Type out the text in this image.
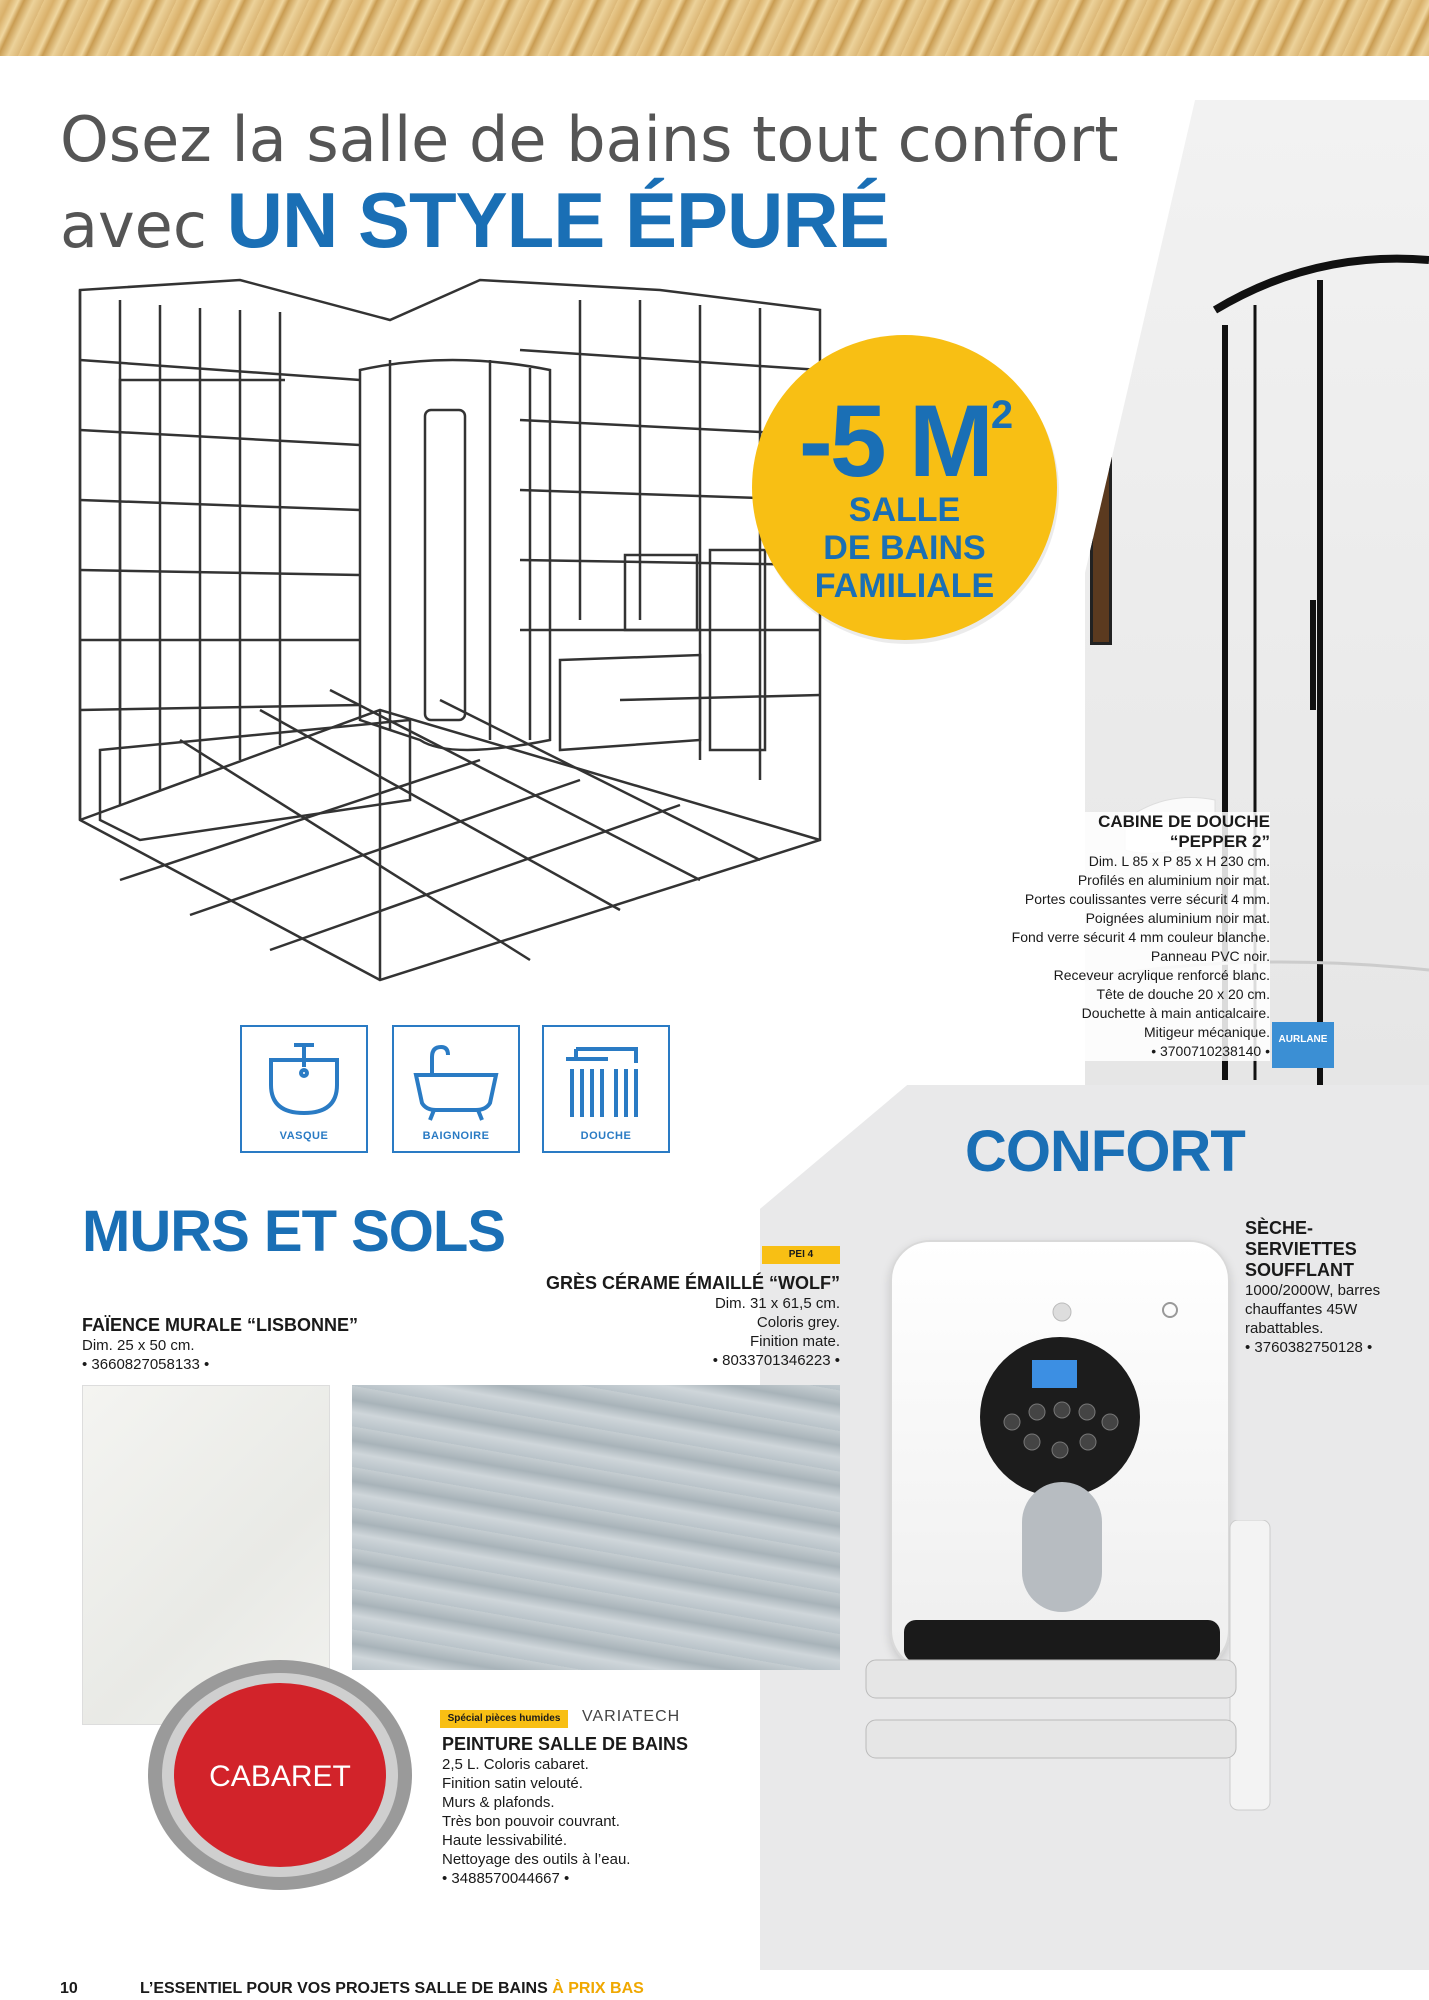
Osez la salle de bains tout confort
avec UN STYLE ÉPURÉ
-5 $M^2$
SALLE
DE BAINS
FAMILIALE
CABINE DE DOUCHE
“PEPPER 2”
Dim. L 85 x P 85 x H 230 cm.
Profilés en aluminium noir mat.
Portes coulissantes verre sécurit 4 mm.
Poignées aluminium noir mat.
Fond verre sécurit 4 mm couleur blanche.
Panneau PVC noir.
Receveur acrylique renforcé blanc.
Tête de douche 20 x 20 cm.
Douchette à main anticalcaire.
Mitigeur mécanique.
• 3700710238140 •
AURLANE
VASQUE	BAIGNOIRE	DOUCHE	CONFORT
SÈCHE-
SERVIETTES
SOUFFLANT
1000/2000W, barres
chauffantes 45W
rabattables.
• 3760382750128 •
MURS ET SOLS	PEI 4
GRÈS CÉRAME ÉMAILLÉ “WOLF”
Dim. 31 x 61,5 cm.
Coloris grey.
Finition mate.
• 8033701346223 •
FAÏENCE MURALE “LISBONNE”
Dim. 25 x 50 cm.
• 3660827058133 •
CABARET
Spécial pièces humides	VARIATECH
PEINTURE SALLE DE BAINS
2,5 L. Coloris cabaret.
Finition satin velouté.
Murs & plafonds.
Très bon pouvoir couvrant.
Haute lessivabilité.
Nettoyage des outils à l’eau.
• 3488570044667 •
10	L’ESSENTIEL POUR VOS PROJETS SALLE DE BAINS À PRIX BAS
